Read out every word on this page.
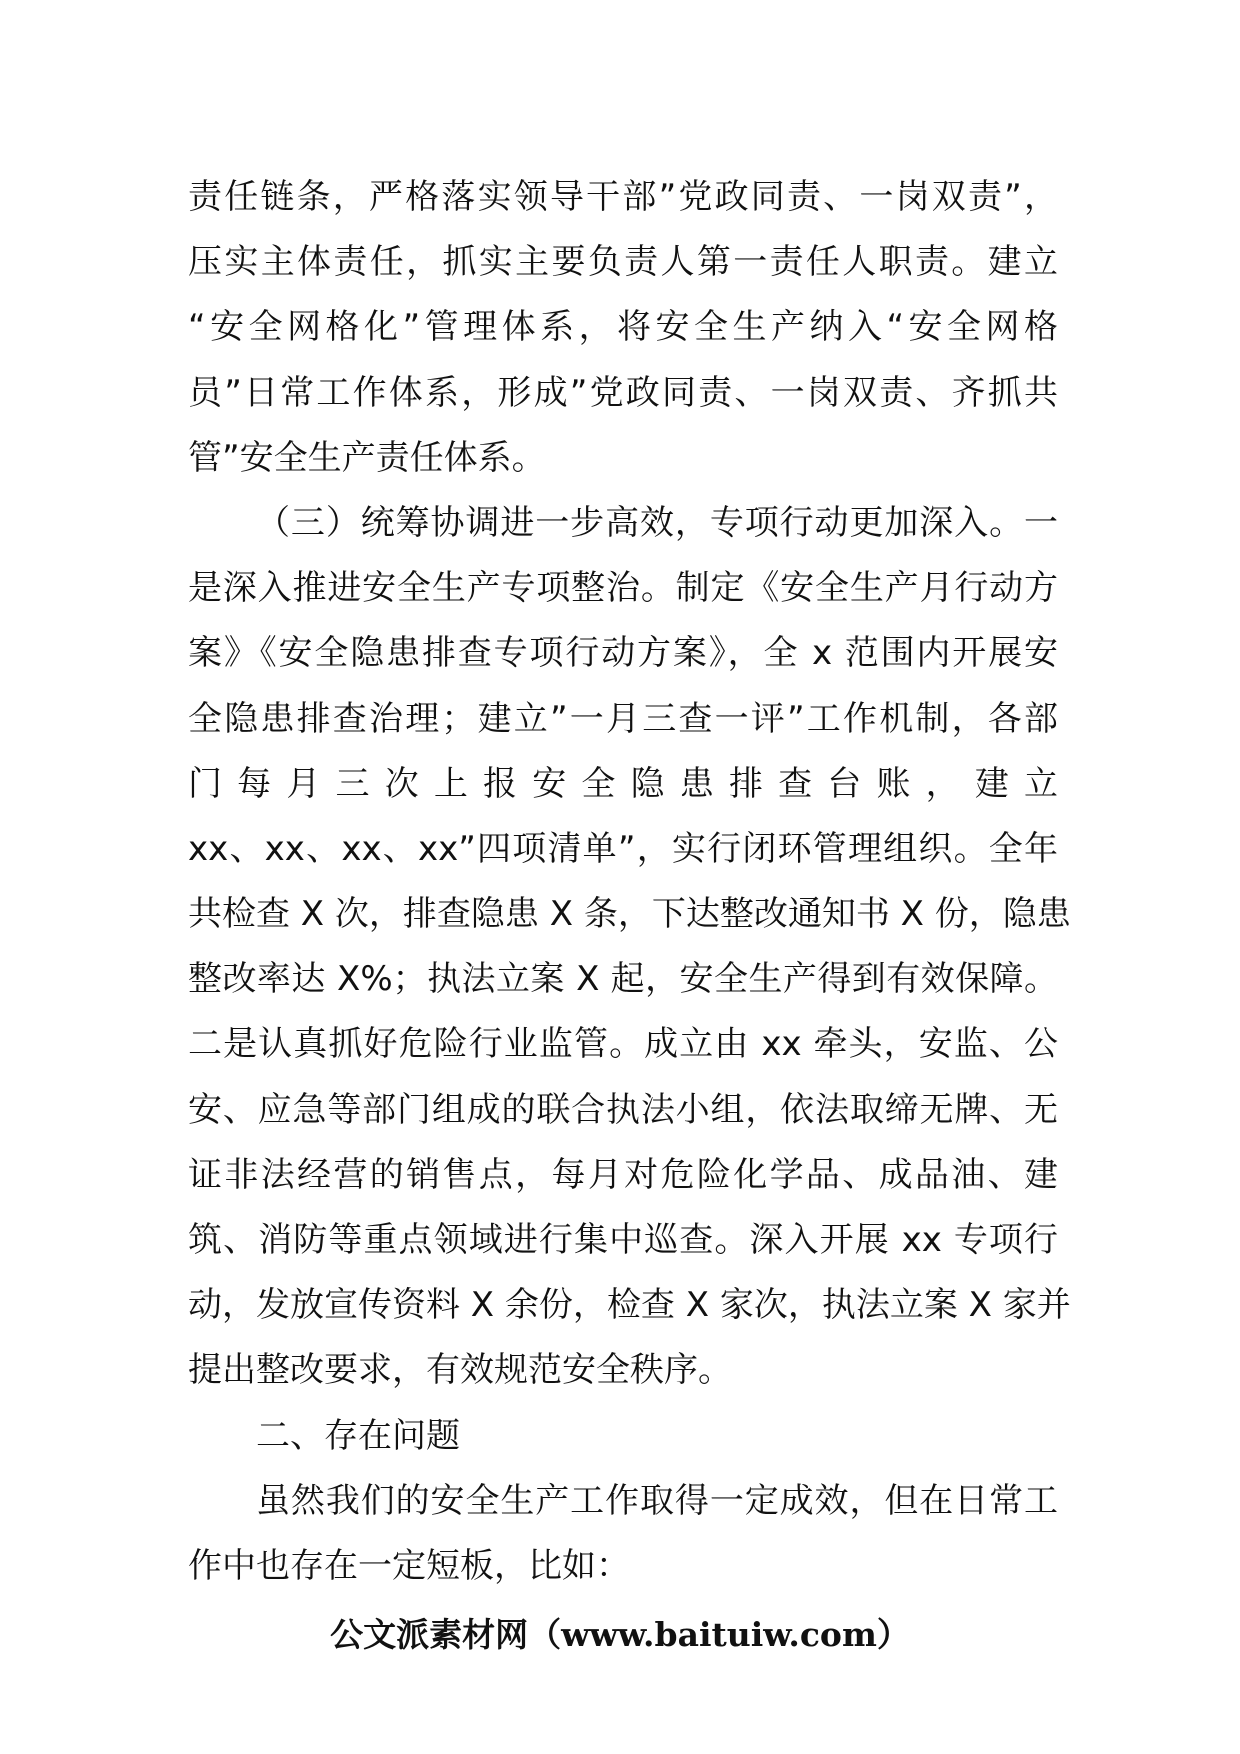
责任链条，严格落实领导干部”党政同责、一岗双责”，
压实主体责任，抓实主要负责人第一责任人职责。建立
“安全网格化”管理体系，将安全生产纳入“安全网格
员”日常工作体系，形成”党政同责、一岗双责、齐抓共
管”安全生产责任体系。
（三）统筹协调进一步高效，专项行动更加深入。一
是深入推进安全生产专项整治。制定《安全生产月行动方
案》《安全隐患排查专项行动方案》，全 x 范围内开展安
全隐患排查治理；建立”一月三查一评”工作机制，各部
门每月三次上报安全隐患排查台账，建立
xx、xx、xx、xx”四项清单”，实行闭环管理组织。全年
共检查 X 次，排查隐患 X 条，下达整改通知书 X 份，隐患
整改率达 X%；执法立案 X 起，安全生产得到有效保障。
二是认真抓好危险行业监管。成立由 xx 牵头，安监、公
安、应急等部门组成的联合执法小组，依法取缔无牌、无
证非法经营的销售点，每月对危险化学品、成品油、建
筑、消防等重点领域进行集中巡查。深入开展 xx 专项行
动，发放宣传资料 X 余份，检查 X 家次，执法立案 X 家并
提出整改要求，有效规范安全秩序。
二、存在问题
虽然我们的安全生产工作取得一定成效，但在日常工
作中也存在一定短板，比如：
公文派素材网（www.baituiw.com）
